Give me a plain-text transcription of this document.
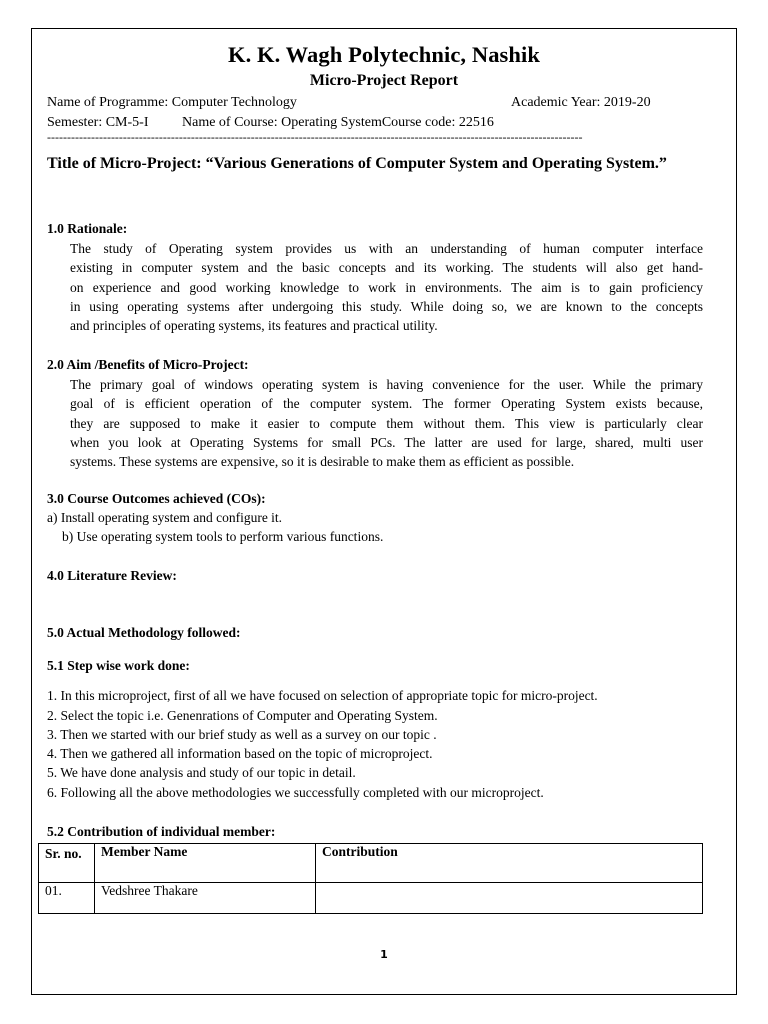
K. K. Wagh Polytechnic, Nashik
Micro-Project Report
Name of Programme: Computer Technology	Academic Year: 2019-20
Semester: CM-5-I Name of Course: Operating SystemCourse code: 22516
--------------------------------------------------------------------------------------------------------------------------------------
Title of Micro-Project: “Various Generations of Computer System and Operating System.”
1.0 Rationale:
The study of Operating system provides us with an understanding of human computer interface
existing in computer system and the basic concepts and its working. The students will also get hand-
on experience and good working knowledge to work in environments. The aim is to gain proficiency
in using operating systems after undergoing this study. While doing so, we are known to the concepts
and principles of operating systems, its features and practical utility.
2.0 Aim /Benefits of Micro-Project:
The primary goal of windows operating system is having convenience for the user. While the primary
goal of is efficient operation of the computer system. The former Operating System exists because,
they are supposed to make it easier to compute them without them. This view is particularly clear
when you look at Operating Systems for small PCs. The latter are used for large, shared, multi user
systems. These systems are expensive, so it is desirable to make them as efficient as possible.
3.0 Course Outcomes achieved (COs):
a) Install operating system and configure it.
b) Use operating system tools to perform various functions.
4.0 Literature Review:
5.0 Actual Methodology followed:
5.1 Step wise work done:
1. In this microproject, first of all we have focused on selection of appropriate topic for micro-project.
2. Select the topic i.e. Genenrations of Computer and Operating System.
3. Then we started with our brief study as well as a survey on our topic .
4. Then we gathered all information based on the topic of microproject.
5. We have done analysis and study of our topic in detail.
6. Following all the above methodologies we successfully completed with our microproject.
5.2 Contribution of individual member:
Sr. no.	Member Name	Contribution
01.	Vedshree Thakare	
1
